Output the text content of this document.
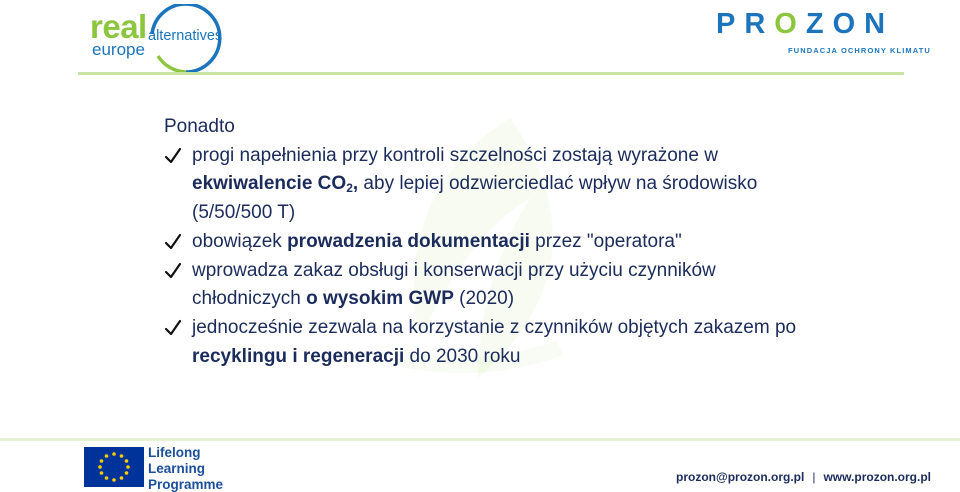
real alternatives
europe
PROZON
FUNDACJA OCHRONY KLIMATU
Ponadto
progi napełnienia przy kontroli szczelności zostają wyrażone w ekwiwalencie $CO_2$, aby lepiej odzwierciedlać wpływ na środowisko (5/50/500 T)
obowiązek prowadzenia dokumentacji przez "operatora"
wprowadza zakaz obsługi i konserwacji przy użyciu czynników chłodniczych o wysokim GWP (2020)
jednocześnie zezwala na korzystanie z czynników objętych zakazem po recyklingu i regeneracji do 2030 roku
Lifelong
Learning
Programme	prozon@prozon.org.pl | www.prozon.org.pl
